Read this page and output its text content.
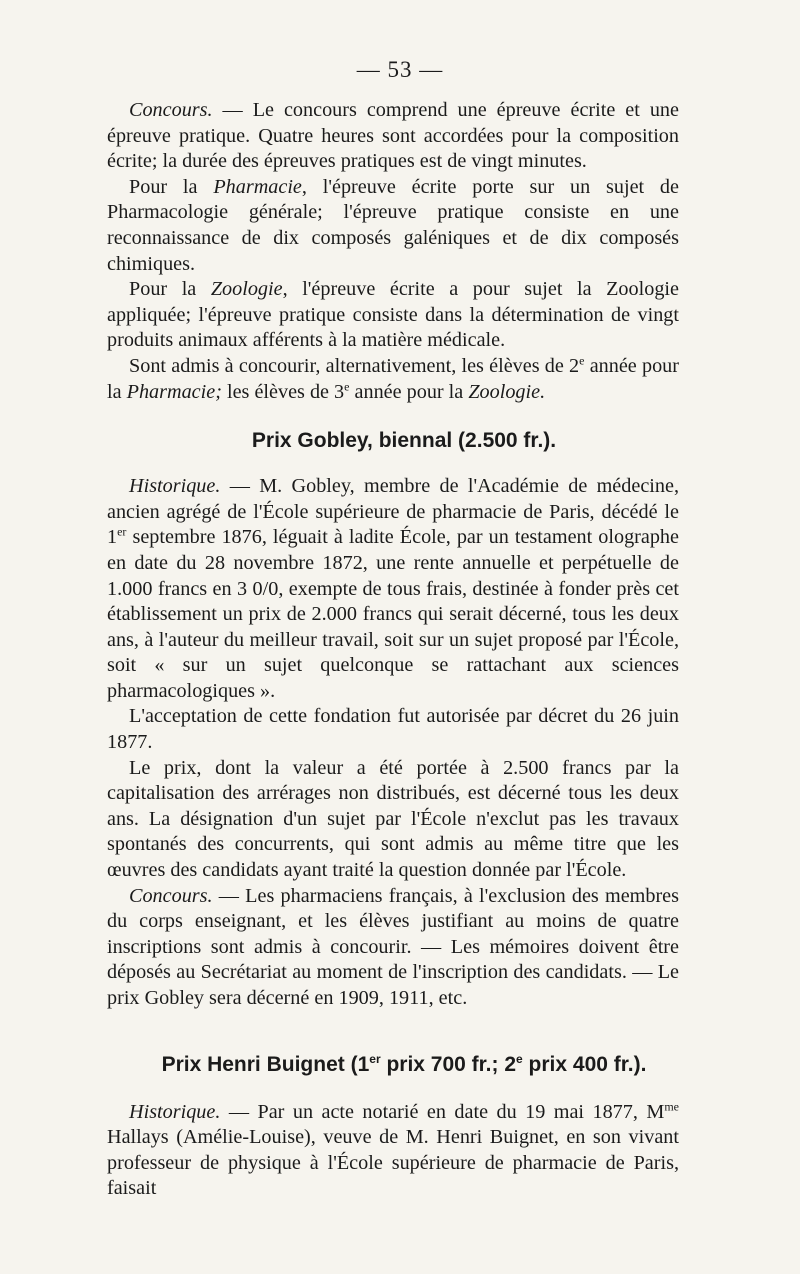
— 53 —

Concours. — Le concours comprend une épreuve écrite et une épreuve pratique. Quatre heures sont accordées pour la composition écrite; la durée des épreuves pratiques est de vingt minutes.

Pour la Pharmacie, l'épreuve écrite porte sur un sujet de Pharmacologie générale; l'épreuve pratique consiste en une reconnaissance de dix composés galéniques et de dix composés chimiques.

Pour la Zoologie, l'épreuve écrite a pour sujet la Zoologie appliquée; l'épreuve pratique consiste dans la détermination de vingt produits animaux afférents à la matière médicale.

Sont admis à concourir, alternativement, les élèves de 2e année pour la Pharmacie; les élèves de 3e année pour la Zoologie.

Prix Gobley, biennal (2.500 fr.).

Historique. — M. Gobley, membre de l'Académie de médecine, ancien agrégé de l'École supérieure de pharmacie de Paris, décédé le 1er septembre 1876, léguait à ladite École, par un testament olographe en date du 28 novembre 1872, une rente annuelle et perpétuelle de 1.000 francs en 3 0/0, exempte de tous frais, destinée à fonder près cet établissement un prix de 2.000 francs qui serait décerné, tous les deux ans, à l'auteur du meilleur travail, soit sur un sujet proposé par l'École, soit « sur un sujet quelconque se rattachant aux sciences pharmacologiques ».

L'acceptation de cette fondation fut autorisée par décret du 26 juin 1877.

Le prix, dont la valeur a été portée à 2.500 francs par la capitalisation des arrérages non distribués, est décerné tous les deux ans. La désignation d'un sujet par l'École n'exclut pas les travaux spontanés des concurrents, qui sont admis au même titre que les œuvres des candidats ayant traité la question donnée par l'École.

Concours. — Les pharmaciens français, à l'exclusion des membres du corps enseignant, et les élèves justifiant au moins de quatre inscriptions sont admis à concourir. — Les mémoires doivent être déposés au Secrétariat au moment de l'inscription des candidats. — Le prix Gobley sera décerné en 1909, 1911, etc.

Prix Henri Buignet (1er prix 700 fr.; 2e prix 400 fr.).

Historique. — Par un acte notarié en date du 19 mai 1877, $M^{me}$ Hallays (Amélie-Louise), veuve de M. Henri Buignet, en son vivant professeur de physique à l'École supérieure de pharmacie de Paris, faisait
